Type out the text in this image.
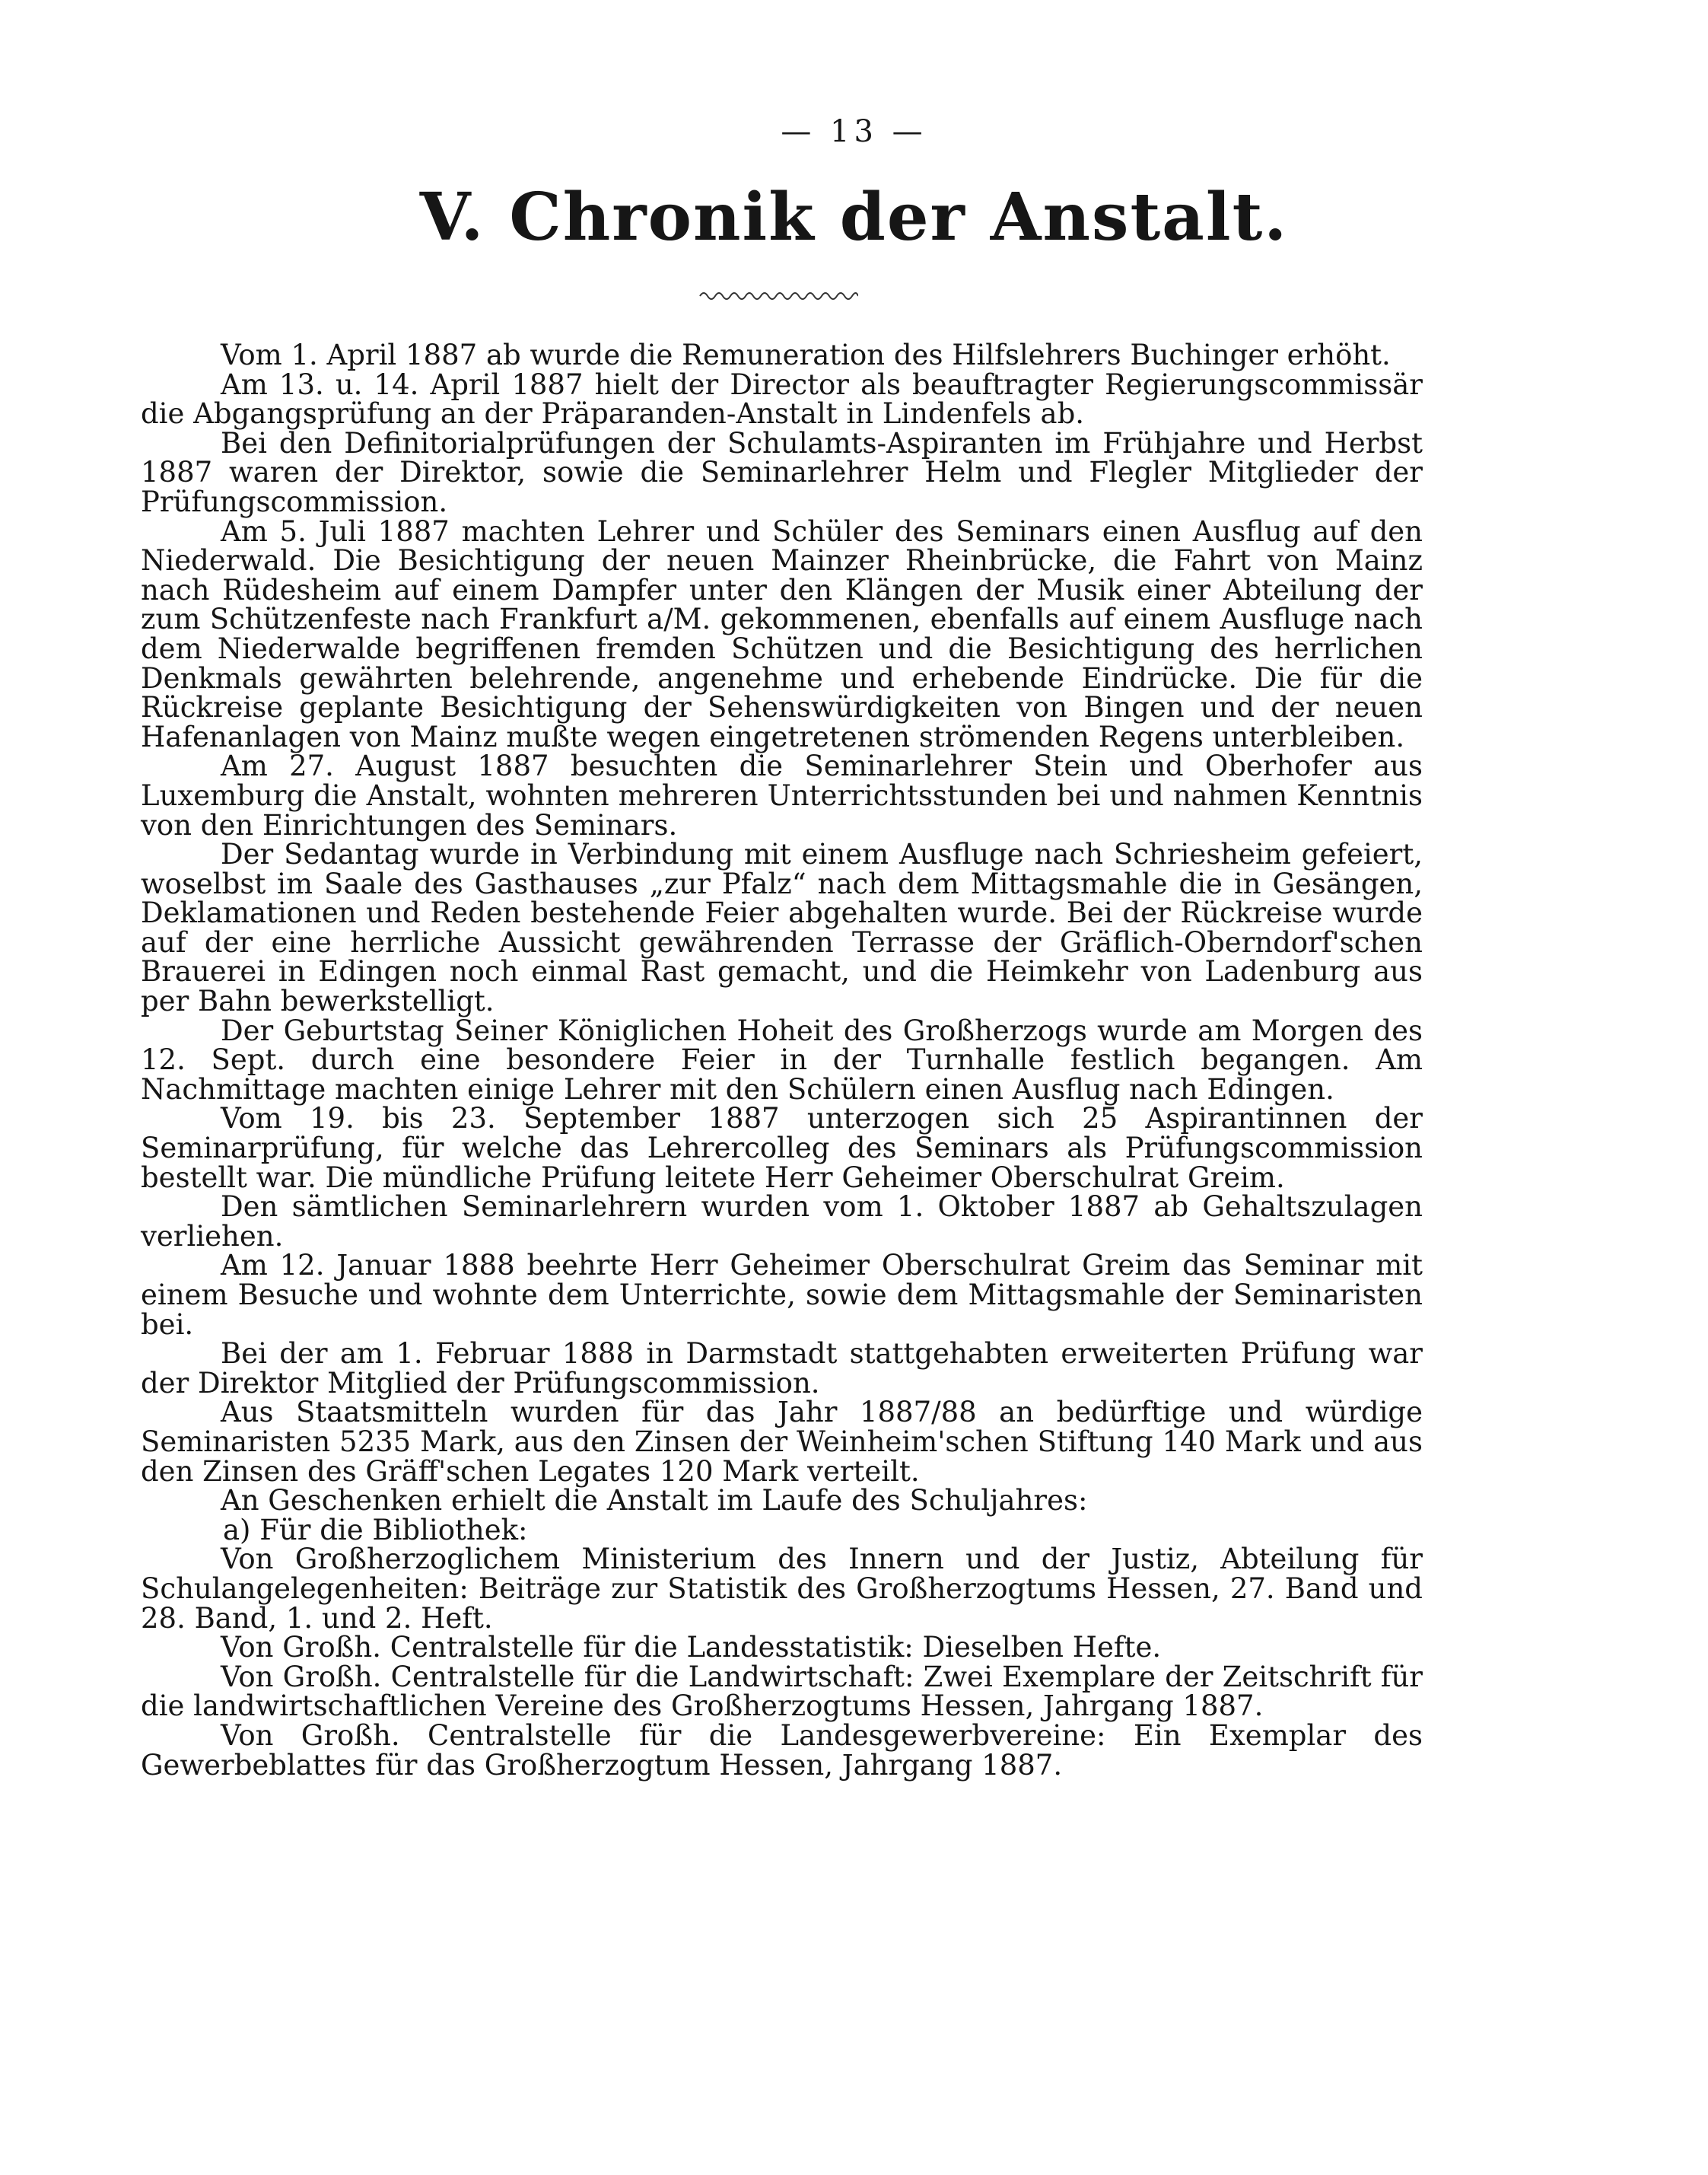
— 13 —
V. Chronik der Anstalt.

Vom 1. April 1887 ab wurde die Remuneration des Hilfslehrers Buchinger erhöht.

Am 13. u. 14. April 1887 hielt der Director als beauftragter Regierungscommissär die Abgangsprüfung an der Präparanden-Anstalt in Lindenfels ab.

Bei den Definitorialprüfungen der Schulamts-Aspiranten im Frühjahre und Herbst 1887 waren der Direktor, sowie die Seminarlehrer Helm und Flegler Mitglieder der Prüfungscommission.

Am 5. Juli 1887 machten Lehrer und Schüler des Seminars einen Ausflug auf den Niederwald. Die Besichtigung der neuen Mainzer Rheinbrücke, die Fahrt von Mainz nach Rüdesheim auf einem Dampfer unter den Klängen der Musik einer Abteilung der zum Schützenfeste nach Frankfurt a/M. gekommenen, ebenfalls auf einem Ausfluge nach dem Niederwalde begriffenen fremden Schützen und die Besichtigung des herrlichen Denkmals gewährten belehrende, angenehme und erhebende Eindrücke. Die für die Rückreise geplante Besichtigung der Sehenswürdigkeiten von Bingen und der neuen Hafenanlagen von Mainz mußte wegen eingetretenen strömenden Regens unterbleiben.

Am 27. August 1887 besuchten die Seminarlehrer Stein und Oberhofer aus Luxemburg die Anstalt, wohnten mehreren Unterrichtsstunden bei und nahmen Kenntnis von den Einrichtungen des Seminars.

Der Sedantag wurde in Verbindung mit einem Ausfluge nach Schriesheim gefeiert, woselbst im Saale des Gasthauses „zur Pfalz“ nach dem Mittagsmahle die in Gesängen, Deklamationen und Reden bestehende Feier abgehalten wurde. Bei der Rückreise wurde auf der eine herrliche Aussicht gewährenden Terrasse der Gräflich-Oberndorf'schen Brauerei in Edingen noch einmal Rast gemacht, und die Heimkehr von Ladenburg aus per Bahn bewerkstelligt.

Der Geburtstag Seiner Königlichen Hoheit des Großherzogs wurde am Morgen des 12. Sept. durch eine besondere Feier in der Turnhalle festlich begangen. Am Nachmittage machten einige Lehrer mit den Schülern einen Ausflug nach Edingen.

Vom 19. bis 23. September 1887 unterzogen sich 25 Aspirantinnen der Seminarprüfung, für welche das Lehrercolleg des Seminars als Prüfungscommission bestellt war. Die mündliche Prüfung leitete Herr Geheimer Oberschulrat Greim.

Den sämtlichen Seminarlehrern wurden vom 1. Oktober 1887 ab Gehaltszulagen verliehen.

Am 12. Januar 1888 beehrte Herr Geheimer Oberschulrat Greim das Seminar mit einem Besuche und wohnte dem Unterrichte, sowie dem Mittagsmahle der Seminaristen bei.

Bei der am 1. Februar 1888 in Darmstadt stattgehabten erweiterten Prüfung war der Direktor Mitglied der Prüfungscommission.

Aus Staatsmitteln wurden für das Jahr 1887/88 an bedürftige und würdige Seminaristen 5235 Mark, aus den Zinsen der Weinheim'schen Stiftung 140 Mark und aus den Zinsen des Gräff'schen Legates 120 Mark verteilt.

An Geschenken erhielt die Anstalt im Laufe des Schuljahres:

a) Für die Bibliothek:

Von Großherzoglichem Ministerium des Innern und der Justiz, Abteilung für Schulangelegenheiten: Beiträge zur Statistik des Großherzogtums Hessen, 27. Band und 28. Band, 1. und 2. Heft.

Von Großh. Centralstelle für die Landesstatistik: Dieselben Hefte.

Von Großh. Centralstelle für die Landwirtschaft: Zwei Exemplare der Zeitschrift für die landwirtschaftlichen Vereine des Großherzogtums Hessen, Jahrgang 1887.

Von Großh. Centralstelle für die Landesgewerbvereine: Ein Exemplar des Gewerbeblattes für das Großherzogtum Hessen, Jahrgang 1887.
